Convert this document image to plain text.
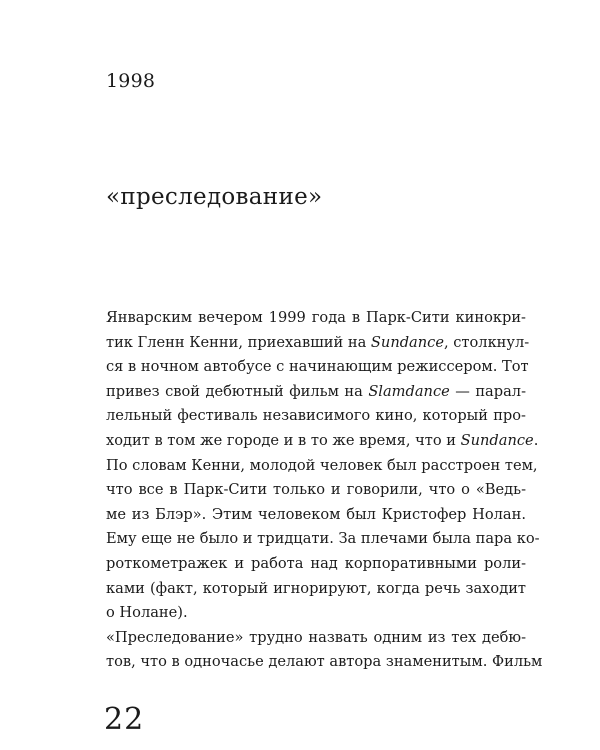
1998
«преследование»
Январским вечером 1999 года в Парк-Сити кинокри-
тик Гленн Кенни, приехавший на Sundance, столкнул-
ся в ночном автобусе с начинающим режиссером. Тот
привез свой дебютный фильм на Slamdance — парал-
лельный фестиваль независимого кино, который про-
ходит в том же городе и в то же время, что и Sundance.
По словам Кенни, молодой человек был расстроен тем,
что все в Парк-Сити только и говорили, что о «Ведь-
ме из Блэр». Этим человеком был Кристофер Нолан.
Ему еще не было и тридцати. За плечами была пара ко-
роткометражек и работа над корпоративными роли-
ками (факт, который игнорируют, когда речь заходит
о Нолане).
«Преследование» трудно назвать одним из тех дебю-
тов, что в одночасье делают автора знаменитым. Фильм
22
